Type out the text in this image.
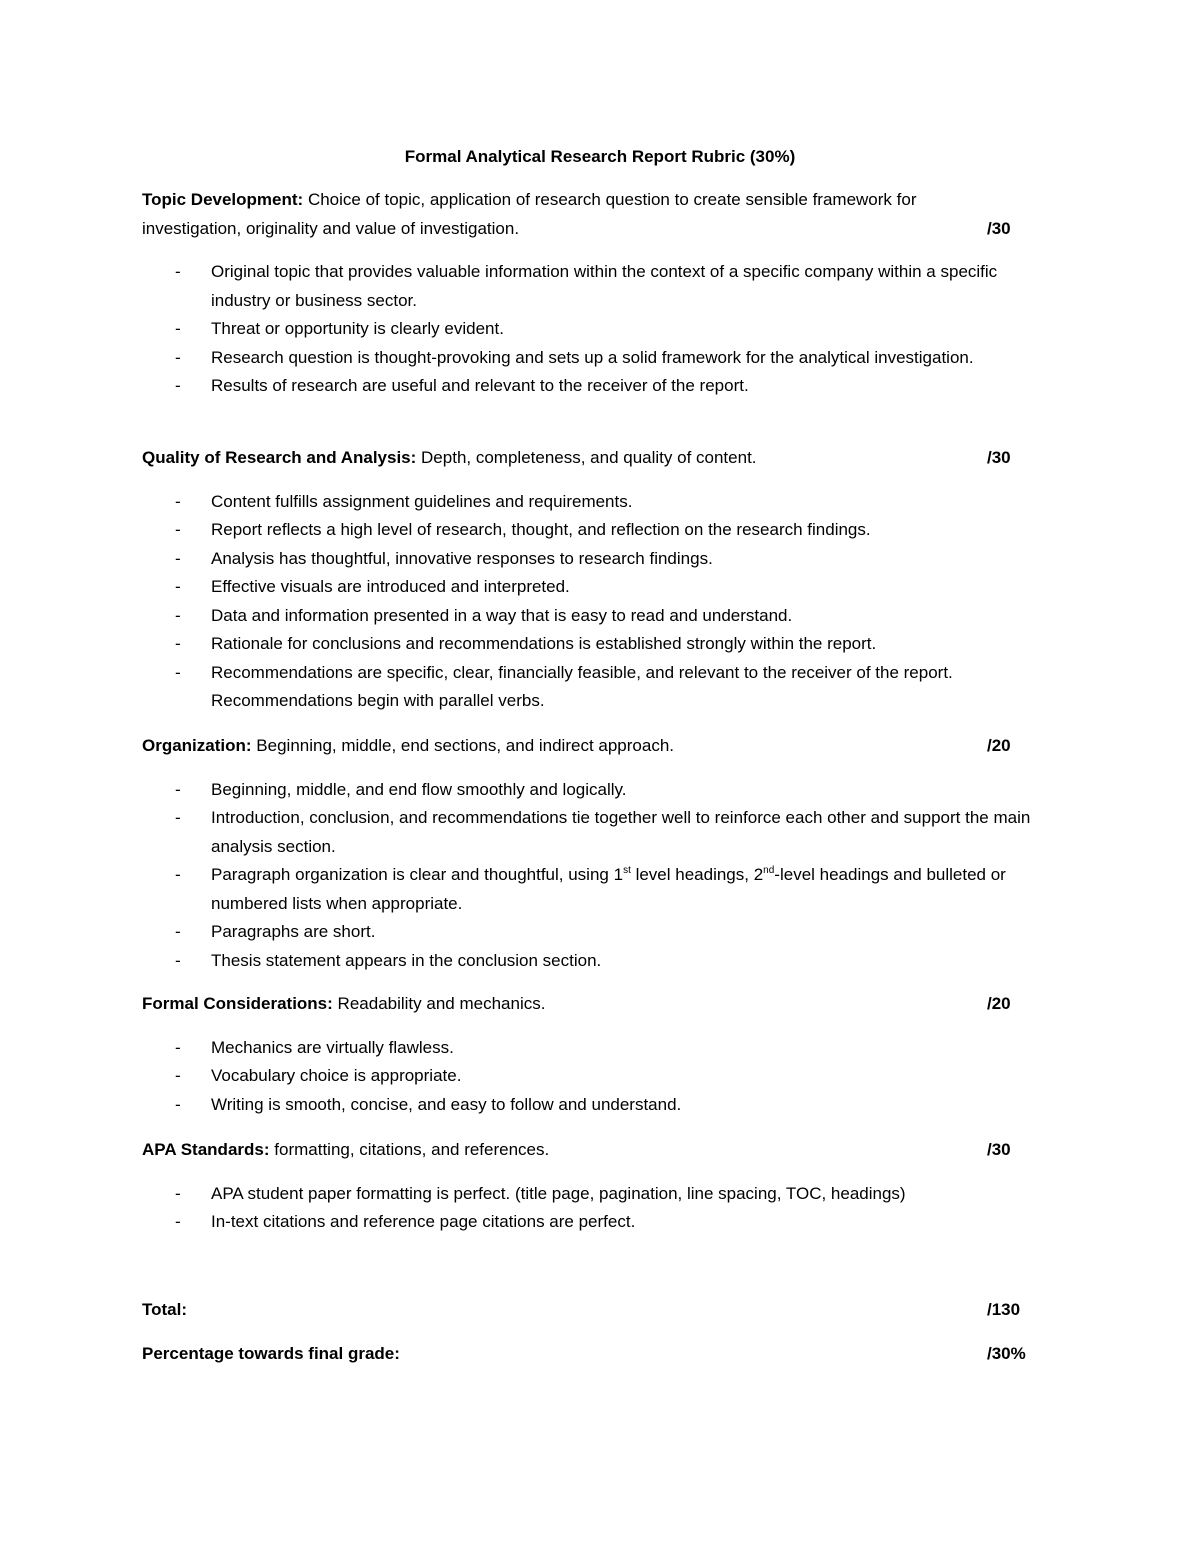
Formal Analytical Research Report Rubric (30%)

Topic Development: Choice of topic, application of research question to create sensible framework for
investigation, originality and value of investigation.	/30

- Original topic that provides valuable information within the context of a specific company within a specific industry or business sector.
- Threat or opportunity is clearly evident.
- Research question is thought-provoking and sets up a solid framework for the analytical investigation.
- Results of research are useful and relevant to the receiver of the report.

Quality of Research and Analysis: Depth, completeness, and quality of content.	/30

- Content fulfills assignment guidelines and requirements.
- Report reflects a high level of research, thought, and reflection on the research findings.
- Analysis has thoughtful, innovative responses to research findings.
- Effective visuals are introduced and interpreted.
- Data and information presented in a way that is easy to read and understand.
- Rationale for conclusions and recommendations is established strongly within the report.
- Recommendations are specific, clear, financially feasible, and relevant to the receiver of the report. Recommendations begin with parallel verbs.

Organization: Beginning, middle, end sections, and indirect approach.	/20

- Beginning, middle, and end flow smoothly and logically.
- Introduction, conclusion, and recommendations tie together well to reinforce each other and support the main analysis section.
- Paragraph organization is clear and thoughtful, using 1st level headings, 2nd-level headings and bulleted or numbered lists when appropriate.
- Paragraphs are short.
- Thesis statement appears in the conclusion section.

Formal Considerations: Readability and mechanics.	/20

- Mechanics are virtually flawless.
- Vocabulary choice is appropriate.
- Writing is smooth, concise, and easy to follow and understand.

APA Standards: formatting, citations, and references.	/30

- APA student paper formatting is perfect. (title page, pagination, line spacing, TOC, headings)
- In-text citations and reference page citations are perfect.
Total:	/130
Percentage towards final grade:	/30%
